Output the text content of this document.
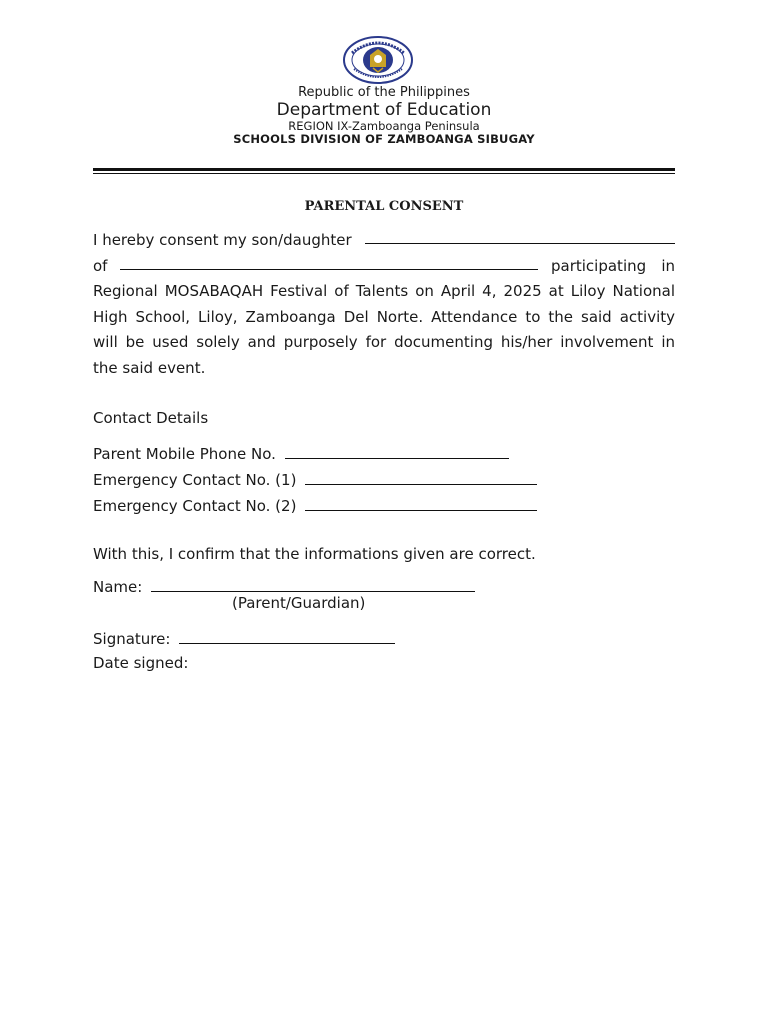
Republic of the Philippines
Department of Education
REGION IX-Zamboanga Peninsula
SCHOOLS DIVISION OF ZAMBOANGA SIBUGAY
PARENTAL CONSENT
I hereby consent my son/daughter
of	participating in
Regional MOSABAQAH Festival of Talents on April 4, 2025 at Liloy National
High School, Liloy, Zamboanga Del Norte. Attendance to the said activity
will be used solely and purposely for documenting his/her involvement in
the said event.
Contact Details
Parent Mobile Phone No.
Emergency Contact No. (1)
Emergency Contact No. (2)
With this, I confirm that the informations given are correct.
Name:
(Parent/Guardian)
Signature:
Date signed:
